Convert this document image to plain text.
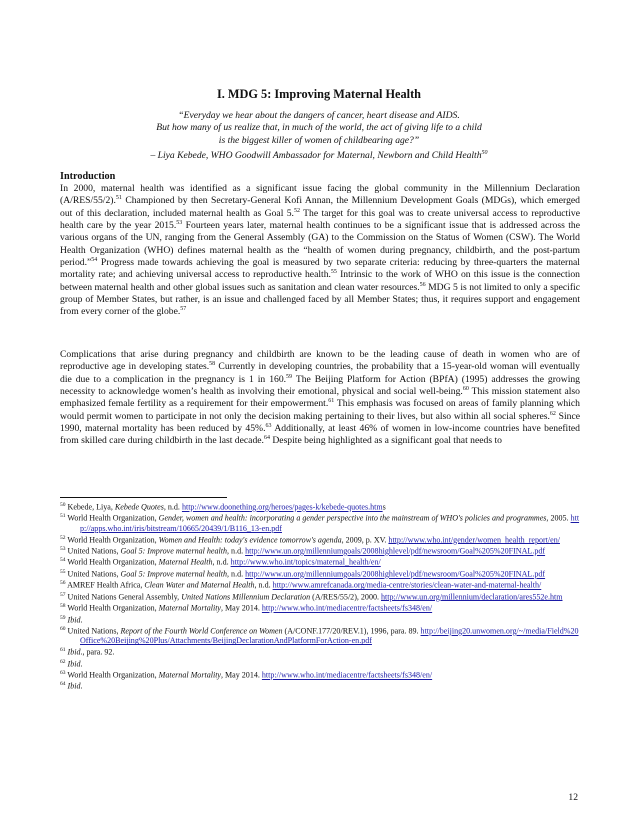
I. MDG 5: Improving Maternal Health
“Everyday we hear about the dangers of cancer, heart disease and AIDS.
But how many of us realize that, in much of the world, the act of giving life to a child
is the biggest killer of women of childbearing age?”
– Liya Kebede, WHO Goodwill Ambassador for Maternal, Newborn and Child Health$^{50}$
Introduction

In 2000, maternal health was identified as a significant issue facing the global community in the Millennium Declaration (A/RES/55/2).$^{51}$ Championed by then Secretary-General Kofi Annan, the Millennium Development Goals (MDGs), which emerged out of this declaration, included maternal health as Goal 5.52 The target for this goal was to create universal access to reproductive health care by the year 2015.53 Fourteen years later, maternal health continues to be a significant issue that is addressed across the various organs of the UN, ranging from the General Assembly (GA) to the Commission on the Status of Women (CSW). The World Health Organization (WHO) defines maternal health as the “health of women during pregnancy, childbirth, and the post-partum period.”$^{54}$ Progress made towards achieving the goal is measured by two separate criteria: reducing by three-quarters the maternal mortality rate; and achieving universal access to reproductive health.$^{55}$ Intrinsic to the work of WHO on this issue is the connection between maternal health and other global issues such as sanitation and clean water resources.$^{56}$ MDG 5 is not limited to only a specific group of Member States, but rather, is an issue and challenged faced by all Member States; thus, it requires support and engagement from every corner of the globe.$^{57}$

Complications that arise during pregnancy and childbirth are known to be the leading cause of death in women who are of reproductive age in developing states.$^{58}$ Currently in developing countries, the probability that a 15-year-old woman will eventually die due to a complication in the pregnancy is 1 in 160.59 The Beijing Platform for Action (BPfA) (1995) addresses the growing necessity to acknowledge women’s health as involving their emotional, physical and social well-being.$^{60}$ This mission statement also emphasized female fertility as a requirement for their empowerment.$^{61}$ This emphasis was focused on areas of family planning which would permit women to participate in not only the decision making pertaining to their lives, but also within all social spheres.$^{62}$ Since 1990, maternal mortality has been reduced by 45%.$^{63}$ Additionally, at least 46% of women in low-income countries have benefited from skilled care during childbirth in the last decade.$^{64}$ Despite being highlighted as a significant goal that needs to

$^{50}$ Kebede, Liya, Kebede Quotes, n.d. http://www.doonething.org/heroes/pages-k/kebede-quotes.htms
$^{51}$ World Health Organization, Gender, women and health: incorporating a gender perspective into the mainstream of WHO's policies and programmes, 2005. http://apps.who.int/iris/bitstream/10665/20439/1/B116_13-en.pdf
$^{52}$ World Health Organization, Women and Health: today's evidence tomorrow's agenda, 2009, p. XV. http://www.who.int/gender/women_health_report/en/
$^{53}$ United Nations, Goal 5: Improve maternal health, n.d. http://www.un.org/millenniumgoals/2008highlevel/pdf/newsroom/Goal%205%20FINAL.pdf
$^{54}$ World Health Organization, Maternal Health, n.d. http://www.who.int/topics/maternal_health/en/
$^{55}$ United Nations, Goal 5: Improve maternal health, n.d. http://www.un.org/millenniumgoals/2008highlevel/pdf/newsroom/Goal%205%20FINAL.pdf
$^{56}$ AMREF Health Africa, Clean Water and Maternal Health, n.d. http://www.amrefcanada.org/media-centre/stories/clean-water-and-maternal-health/
$^{57}$ United Nations General Assembly, United Nations Millennium Declaration (A/RES/55/2), 2000. http://www.un.org/millennium/declaration/ares552e.htm
$^{58}$ World Health Organization, Maternal Mortality, May 2014. http://www.who.int/mediacentre/factsheets/fs348/en/
$^{59}$ Ibid.
$^{60}$ United Nations, Report of the Fourth World Conference on Women (A/CONF.177/20/REV.1), 1996, para. 89. http://beijing20.unwomen.org/~/media/Field%20Office%20Beijing%20Plus/Attachments/BeijingDeclarationAndPlatformForAction-en.pdf
$^{61}$ Ibid., para. 92.
$^{62}$ Ibid.
$^{63}$ World Health Organization, Maternal Mortality, May 2014. http://www.who.int/mediacentre/factsheets/fs348/en/
$^{64}$ Ibid.
12
